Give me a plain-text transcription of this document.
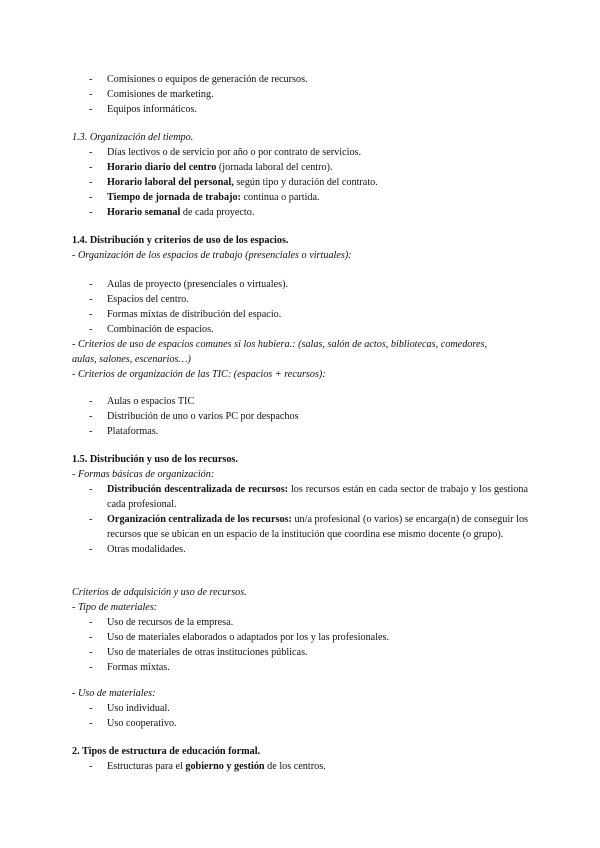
- Comisiones o equipos de generación de recursos.
- Comisiones de marketing.
- Equipos informáticos.
1.3. Organización del tiempo.
- Días lectivos o de servicio por año o por contrato de servicios.
- Horario diario del centro (jornada laboral del centro).
- Horario laboral del personal, según tipo y duración del contrato.
- Tiempo de jornada de trabajo: continua o partida.
- Horario semanal de cada proyecto.
1.4. Distribución y criterios de uso de los espacios.
- Organización de los espacios de trabajo (presenciales o virtuales):
- Aulas de proyecto (presenciales o virtuales).
- Espacios del centro.
- Formas mixtas de distribución del espacio.
- Combinación de espacios.
- Criterios de uso de espacios comunes si los hubiera.: (salas, salón de actos, bibliotecas, comedores,
aulas, salones, escenarios…)
- Criterios de organización de las TIC: (espacios + recursos):
- Aulas o espacios TIC
- Distribución de uno o varios PC por despachos
- Plataformas.
1.5. Distribución y uso de los recursos.
- Formas básicas de organización:
- Distribución descentralizada de recursos: los recursos están en cada sector de trabajo y los gestiona cada profesional.
- Organización centralizada de los recursos: un/a profesional (o varios) se encarga(n) de conseguir los recursos que se ubican en un espacio de la institución que coordina ese mismo docente (o grupo).
- Otras modalidades.
Criterios de adquisición y uso de recursos.
- Tipo de materiales:
- Uso de recursos de la empresa.
- Uso de materiales elaborados o adaptados por los y las profesionales.
- Uso de materiales de otras instituciones públicas.
- Formas mixtas.
- Uso de materiales:
- Uso individual.
- Uso cooperativo.
2. Tipos de estructura de educación formal.
- Estructuras para el gobierno y gestión de los centros.
